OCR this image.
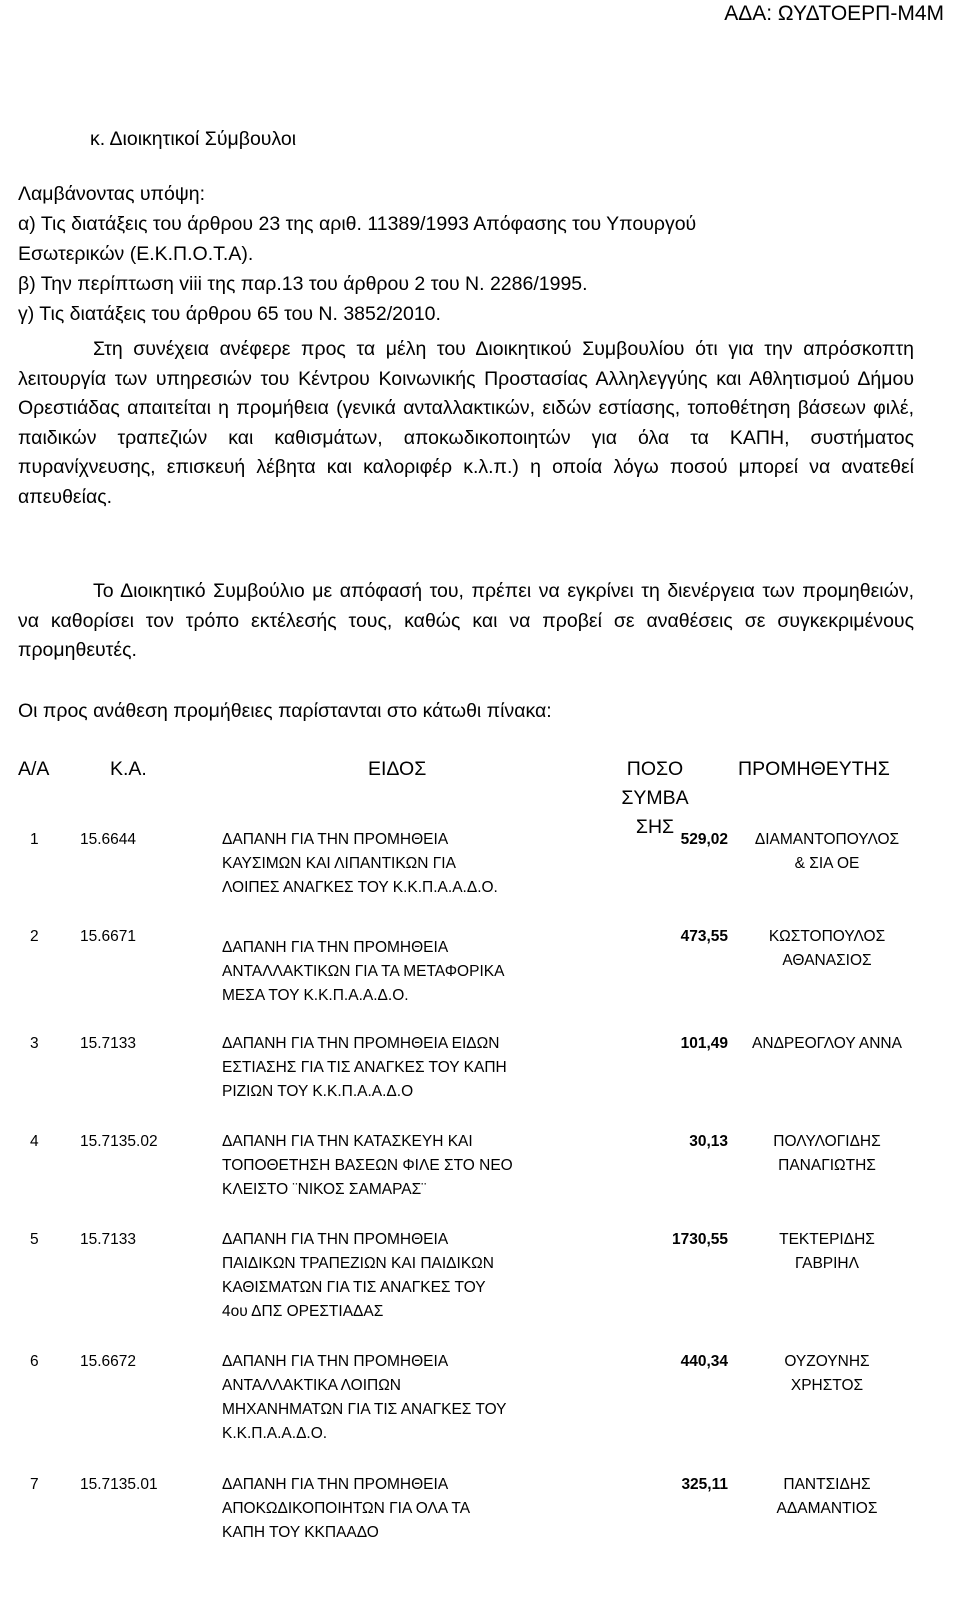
ΑΔΑ: ΩΥΔΤΟΕΡΠ-Μ4Μ
κ. Διοικητικοί Σύμβουλοι
Λαμβάνοντας υπόψη:
α) Τις διατάξεις του άρθρου 23 της αριθ. 11389/1993 Απόφασης του Υπουργού
Εσωτερικών (Ε.Κ.Π.Ο.Τ.Α).
β) Την περίπτωση viii της παρ.13 του άρθρου 2 του Ν. 2286/1995.
γ) Τις διατάξεις του άρθρου 65 του Ν. 3852/2010.
Στη συνέχεια ανέφερε προς τα μέλη του Διοικητικού Συμβουλίου ότι για την απρόσκοπτη λειτουργία των υπηρεσιών του Κέντρου Κοινωνικής Προστασίας Αλληλεγγύης και Αθλητισμού Δήμου Ορεστιάδας απαιτείται η προμήθεια (γενικά ανταλλακτικών, ειδών εστίασης, τοποθέτηση βάσεων φιλέ, παιδικών τραπεζιών και καθισμάτων, αποκωδικοποιητών για όλα τα ΚΑΠΗ, συστήματος πυρανίχνευσης, επισκευή λέβητα και καλοριφέρ κ.λ.π.) η οποία λόγω ποσού μπορεί να ανατεθεί απευθείας.
Το Διοικητικό Συμβούλιο με απόφασή του, πρέπει να εγκρίνει τη διενέργεια των προμηθειών, να καθορίσει τον τρόπο εκτέλεσής τους, καθώς και να προβεί σε αναθέσεις σε συγκεκριμένους προμηθευτές.
Οι προς ανάθεση προμήθειες παρίστανται στο κάτωθι πίνακα:
Α/Α	Κ.Α.	ΕΙΔΟΣ	ΠΟΣΟ
ΣΥΜΒΑ
ΣΗΣ
ΠΡΟΜΗΘΕΥΤΗΣ
1	15.6644	ΔΑΠΑΝΗ ΓΙΑ ΤΗΝ ΠΡΟΜΗΘΕΙΑ
ΚΑΥΣΙΜΩΝ ΚΑΙ ΛΙΠΑΝΤΙΚΩΝ ΓΙΑ
ΛΟΙΠΕΣ ΑΝΑΓΚΕΣ ΤΟΥ Κ.Κ.Π.Α.Α.Δ.Ο.
529,02	ΔΙΑΜΑΝΤΟΠΟΥΛΟΣ
& ΣΙΑ ΟΕ
2	15.6671
ΔΑΠΑΝΗ ΓΙΑ ΤΗΝ ΠΡΟΜΗΘΕΙΑ
ΑΝΤΑΛΛΑΚΤΙΚΩΝ ΓΙΑ ΤΑ ΜΕΤΑΦΟΡΙΚΑ
ΜΕΣΑ ΤΟΥ Κ.Κ.Π.Α.Α.Δ.Ο.
473,55	ΚΩΣΤΟΠΟΥΛΟΣ
ΑΘΑΝΑΣΙΟΣ
3	15.7133	ΔΑΠΑΝΗ ΓΙΑ ΤΗΝ ΠΡΟΜΗΘΕΙΑ ΕΙΔΩΝ
ΕΣΤΙΑΣΗΣ ΓΙΑ ΤΙΣ ΑΝΑΓΚΕΣ ΤΟΥ ΚΑΠΗ
ΡΙΖΙΩΝ ΤΟΥ Κ.Κ.Π.Α.Α.Δ.Ο
101,49	ΑΝΔΡΕΟΓΛΟΥ ΑΝΝΑ
4	15.7135.02	ΔΑΠΑΝΗ ΓΙΑ ΤΗΝ ΚΑΤΑΣΚΕΥΗ ΚΑΙ
ΤΟΠΟΘΕΤΗΣΗ ΒΑΣΕΩΝ ΦΙΛΕ ΣΤΟ ΝΕΟ
ΚΛΕΙΣΤΟ ¨ΝΙΚΟΣ ΣΑΜΑΡΑΣ¨
30,13	ΠΟΛΥΛΟΓΙΔΗΣ
ΠΑΝΑΓΙΩΤΗΣ
5	15.7133	ΔΑΠΑΝΗ ΓΙΑ ΤΗΝ ΠΡΟΜΗΘΕΙΑ
ΠΑΙΔΙΚΩΝ ΤΡΑΠΕΖΙΩΝ ΚΑΙ ΠΑΙΔΙΚΩΝ
ΚΑΘΙΣΜΑΤΩΝ ΓΙΑ ΤΙΣ ΑΝΑΓΚΕΣ ΤΟΥ
4ου ΔΠΣ ΟΡΕΣΤΙΑΔΑΣ
1730,55	ΤΕΚΤΕΡΙΔΗΣ
ΓΑΒΡΙΗΛ
6	15.6672	ΔΑΠΑΝΗ ΓΙΑ ΤΗΝ ΠΡΟΜΗΘΕΙΑ
ΑΝΤΑΛΛΑΚΤΙΚΑ ΛΟΙΠΩΝ
ΜΗΧΑΝΗΜΑΤΩΝ ΓΙΑ ΤΙΣ ΑΝΑΓΚΕΣ ΤΟΥ
Κ.Κ.Π.Α.Α.Δ.Ο.
440,34	ΟΥΖΟΥΝΗΣ
ΧΡΗΣΤΟΣ
7	15.7135.01	ΔΑΠΑΝΗ ΓΙΑ ΤΗΝ ΠΡΟΜΗΘΕΙΑ
ΑΠΟΚΩΔΙΚΟΠΟΙΗΤΩΝ ΓΙΑ ΟΛΑ ΤΑ
ΚΑΠΗ ΤΟΥ ΚΚΠΑΑΔΟ
325,11	ΠΑΝΤΣΙΔΗΣ
ΑΔΑΜΑΝΤΙΟΣ
